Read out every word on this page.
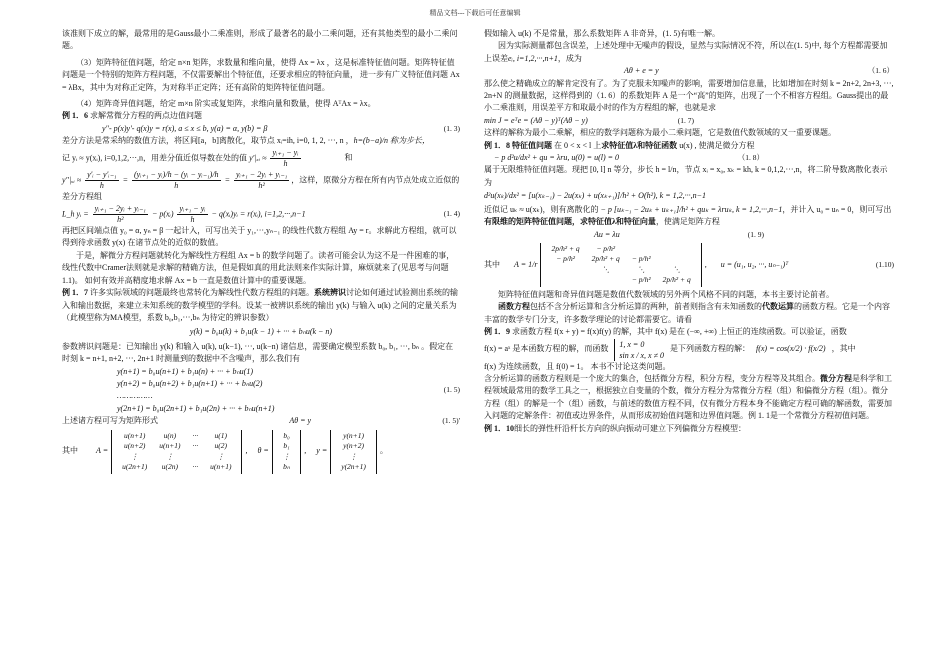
精品文档---下载后可任意编辑

该准则下成立的解，最常用的是Gauss最小二乘准则，形成了最著名的最小二乘问题，还有其他类型的最小二乘问题。

（3）矩阵特征值问题，给定 n×n 矩阵，求数量和维向量，使得 Ax = λx ，这是标准特征值问题。矩阵特征值问题是一个特别的矩阵方程问题，不仅需要解出个特征值，还要求相应的特征向量， 进一步有广义特征值问题 Ax = λBx，其中为对称正定阵，为对称半正定阵；还有高阶的矩阵特征值问题。

（4）矩阵奇异值问题，给定 m×n 阶实或复矩阵，求维向量和数量，使得 AᵀAx = λx。

例 1．6 求解常微分方程的两点边值问题

y''- p(x)y'- q(x)y = r(x), a ≤ x ≤ b, y(a) = α, y(b) = β	(1. 3)

差分方法是常采纳的数值方法，将区间[a，b]离散化，取节点 xᵢ=ih, i=0, 1, 2, ···, n ，h=(b−a)/n 称为步长，

记 yᵢ ≈ y(xᵢ), i=0,1,2,···,n，用差分值近似导数在处的值 y'|ₓᵢ ≈ $\frac{\text{yᵢ₊₁ − yᵢ}}{h}$	和

y''|ₓᵢ ≈ $\frac{\text{y'ᵢ − y'ᵢ₋₁}}{h} = \frac{\text{(yᵢ₊₁ − yᵢ)/h − (yᵢ − yᵢ₋₁)/h}}{h} = \frac{\text{yᵢ₊₁ − 2yᵢ + yᵢ₋₁}}{\text{h²}}$ ，这样，原微分方程在所有内节点处成立近似的差分方程组

L_h yᵢ = $\frac{\text{yᵢ₊₁ − 2yᵢ + yᵢ₋₁}}{\text{h²}}$ − p(xᵢ) $\frac{\text{yᵢ₊₁ − yᵢ}}{h}$ − q(xᵢ)yᵢ = r(xᵢ), i=1,2,···,n−1	(1. 4)

再把区间端点值 y₀ = α, yₙ = β 一起计入，可写出关于 y₁,···,yₙ₋₁ 的线性代数方程组 Ay = r。求解此方程组，就可以得到待求函数 y(x) 在诸节点处的近似的数值。

于是，解微分方程问题就转化为解线性方程组 Ax = b 的数学问题了。读者可能会认为这不是一件困难的事，线性代数中Cramer法则就是求解的精确方法，但是假如真的用此法则来作实际计算，麻烦就来了(见思考与问题1.1)。 如何有效并高精度地求解 Ax = b 一直是数值计算中的重要课题。

例 1．7 许多实际领域的问题最终也常转化为解线性代数方程组的问题。系统辨识讨论如何通过试验测出系统的输入和输出数据，来建立未知系统的数学模型的学科。设某一被辨识系统的输出 y(k) 与输入 u(k) 之间的定量关系为（此模型称为MA模型，系数 b₀,b₁,···,bₙ 为待定的辨识参数）

y(k) = b₀u(k) + b₁u(k − 1) + ··· + bₙu(k − n)

参数辨识问题是：已知输出 y(k) 和输入 u(k), u(k−1), ···, u(k−n) 诸信息，需要确定模型系数 b₀, b₁, ···, bₙ 。假定在时刻 k = n+1, n+2, ···, 2n+1 时测量到的数据中不含噪声，那么我们有

y(n+1) = b₀u(n+1) + b₁u(n) + ··· + bₙu(1)
y(n+2) = b₀u(n+2) + b₁u(n+1) + ··· + bₙu(2)
……………
y(2n+1) = b₀u(2n+1) + b₁u(2n) + ··· + bₙu(n+1)
(1. 5)
上述诸方程可写为矩阵形式	Aθ = y	(1. 5)'
其中 A =
u(n+1)	u(n)	···	u(1)
u(n+2)	u(n+1)	···	u(2)
⋮	⋮		⋮
u(2n+1)	u(2n)	···	u(n+1)
, θ =
b₀
b₁
⋮
bₙ
, y =
y(n+1)
y(n+2)
⋮
y(2n+1)
。

假如输入 u(k) 不是常量，那么系数矩阵 A 非奇异，(1. 5)有唯一解。

因为实际测量都包含误差，上述处理中无噪声的假设，显然与实际情况不符，所以在(1. 5)中, 每个方程都需要加上误差eᵢ, i=1,2,···,n+1，成为

Aθ + e = y	（1. 6）

那么使之精确成立的解肯定没有了。为了克服未知噪声的影响，需要增加信息量，比如增加在时刻 k = 2n+2, 2n+3, ···, 2n+N 的测量数据，这样得到的（1. 6）的系数矩阵 A 是一个“高”的矩阵，出现了一个不相容方程组。Gauss提出的最小二乘准则，用误差平方和取最小时的作为方程组的解，也就是求

min J = eᵀe = (Aθ − y)ᵀ(Aθ − y)	(1. 7)

这样的解称为最小二乘解，相应的数学问题称为最小二乘问题，它是数值代数领域的又一重要课题。

例 1．8 特征值问题 在 0 < x < l 上求特征值λ和特征函数 u(x) , 使满足微分方程

− p d²u/dx² + qu = λru, u(0) = u(l) = 0	（1. 8）

属于无限维特征值问题。现把 [0, l] n 等分，步长 h = l/n，节点 xᵢ = x₀, xₖ = kh, k = 0,1,2,···,n，将二阶导数离散化表示为

d²u(xₖ)/dx² = [u(xₖ₋₁) − 2u(xₖ) + u(xₖ₊₁)]/h² + O(h²), k = 1,2,···,n−1

近似记 uₖ ≈ u(xₖ)，则有离散化的 − p [uₖ₋₁ − 2uₖ + uₖ₊₁]/h² + quₖ = λruₖ, k = 1,2,···,n−1，并计入 u₀ = uₙ = 0，则可写出有限维的矩阵特征值问题，求特征值λ和特征向量，使满足矩阵方程

Au = λu	(1. 9)
其中 A = 1/r
2p/h² + q	− p/h²		
− p/h²	2p/h² + q	− p/h²	
	⋱	⋱	⋱
		− p/h²	2p/h² + q
, u = (u₁, u₂, ···, uₙ₋₁)ᵀ	(1.10)

矩阵特征值问题和奇异值问题是数值代数领域的另外两个风格不同的问题，本书主要讨论前者。

函数方程包括不含分析运算和含分析运算的两种，前者则指含有未知函数的代数运算的函数方程。它是一个内容丰富的数学专门分支，许多数学理论的讨论都需要它。请看

例 1．9 求函数方程 f(x + y) = f(x)f(y) 的解，其中 f(x) 是在 (−∞, +∞) 上恒正的连续函数。可以验证，函数

f(x) = aˣ 是本函数方程的解，而函数
1, x = 0
sin x / x, x ≠ 0
是下列函数方程的解： f(x) = cos(x/2) · f(x/2) ，其中

f(x) 为连续函数，且 f(0) = 1。 本书不讨论这类问题。

含分析运算的函数方程则是一个庞大的集合，包括微分方程，积分方程，变分方程等及其组合。微分方程是科学和工程领域最常用的数学工具之一，根据独立自变量的个数，微分方程分为常微分方程（组）和偏微分方程（组）。微分方程（组）的解是一个（组）函数，与前述的数值方程不同，仅有微分方程本身不能确定方程可确的解函数，需要加入问题的定解条件：初值或边界条件，从而形成初始值问题和边界值问题。例 1. 1是一个常微分方程初值问题。

例 1．10细长的弹性杆沿杆长方向的纵向振动可建立下列偏微分方程模型：
